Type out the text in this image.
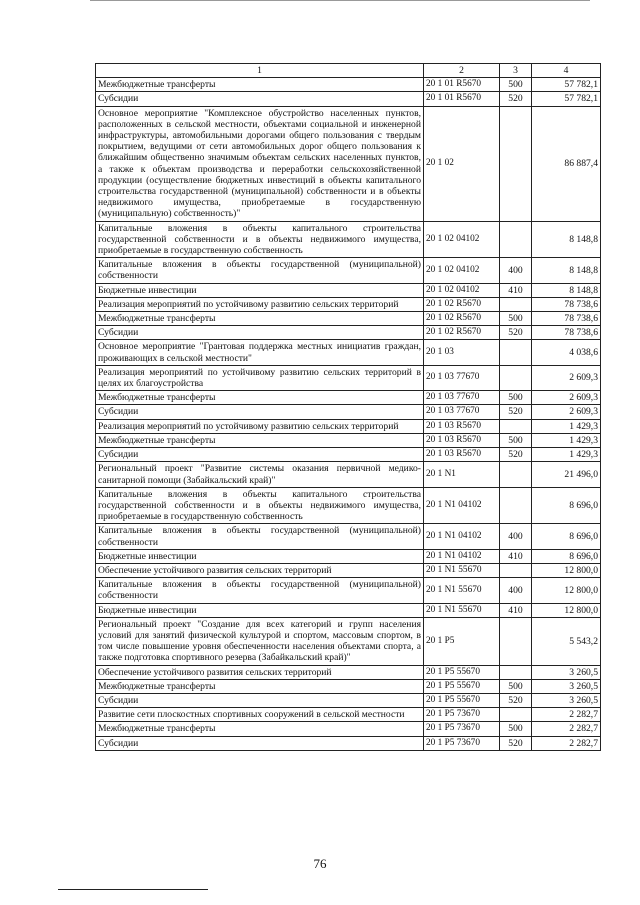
1	2	3	4
Межбюджетные трансферты	20 1 01 R5670	500	57 782,1
Субсидии	20 1 01 R5670	520	57 782,1
Основное мероприятие "Комплексное обустройство населенных пунктов, расположенных в сельской местности, объектами социальной и инженерной инфраструктуры, автомобильными дорогами общего пользования с твердым покрытием, ведущими от сети автомобильных дорог общего пользования к ближайшим общественно значимым объектам сельских населенных пунктов, а также к объектам производства и переработки сельскохозяйственной продукции (осуществление бюджетных инвестиций в объекты капитального строительства государственной (муниципальной) собственности и в объекты недвижимого имущества, приобретаемые в государственную (муниципальную) собственность)"	20 1 02		86 887,4
Капитальные вложения в объекты капитального строительства государственной собственности и в объекты недвижимого имущества, приобретаемые в государственную собственность	20 1 02 04102		8 148,8
Капитальные вложения в объекты государственной (муниципальной) собственности	20 1 02 04102	400	8 148,8
Бюджетные инвестиции	20 1 02 04102	410	8 148,8
Реализация мероприятий по устойчивому развитию сельских территорий	20 1 02 R5670		78 738,6
Межбюджетные трансферты	20 1 02 R5670	500	78 738,6
Субсидии	20 1 02 R5670	520	78 738,6
Основное мероприятие "Грантовая поддержка местных инициатив граждан, проживающих в сельской местности"	20 1 03		4 038,6
Реализация мероприятий по устойчивому развитию сельских территорий в целях их благоустройства	20 1 03 77670		2 609,3
Межбюджетные трансферты	20 1 03 77670	500	2 609,3
Субсидии	20 1 03 77670	520	2 609,3
Реализация мероприятий по устойчивому развитию сельских территорий	20 1 03 R5670		1 429,3
Межбюджетные трансферты	20 1 03 R5670	500	1 429,3
Субсидии	20 1 03 R5670	520	1 429,3
Региональный проект "Развитие системы оказания первичной медико-санитарной помощи (Забайкальский край)"	20 1 N1		21 496,0
Капитальные вложения в объекты капитального строительства государственной собственности и в объекты недвижимого имущества, приобретаемые в государственную собственность	20 1 N1 04102		8 696,0
Капитальные вложения в объекты государственной (муниципальной) собственности	20 1 N1 04102	400	8 696,0
Бюджетные инвестиции	20 1 N1 04102	410	8 696,0
Обеспечение устойчивого развития сельских территорий	20 1 N1 55670		12 800,0
Капитальные вложения в объекты государственной (муниципальной) собственности	20 1 N1 55670	400	12 800,0
Бюджетные инвестиции	20 1 N1 55670	410	12 800,0
Региональный проект "Создание для всех категорий и групп населения условий для занятий физической культурой и спортом, массовым спортом, в том числе повышение уровня обеспеченности населения объектами спорта, а также подготовка спортивного резерва (Забайкальский край)"	20 1 P5		5 543,2
Обеспечение устойчивого развития сельских территорий	20 1 P5 55670		3 260,5
Межбюджетные трансферты	20 1 P5 55670	500	3 260,5
Субсидии	20 1 P5 55670	520	3 260,5
Развитие сети плоскостных спортивных сооружений в сельской местности	20 1 P5 73670		2 282,7
Межбюджетные трансферты	20 1 P5 73670	500	2 282,7
Субсидии	20 1 P5 73670	520	2 282,7
76
